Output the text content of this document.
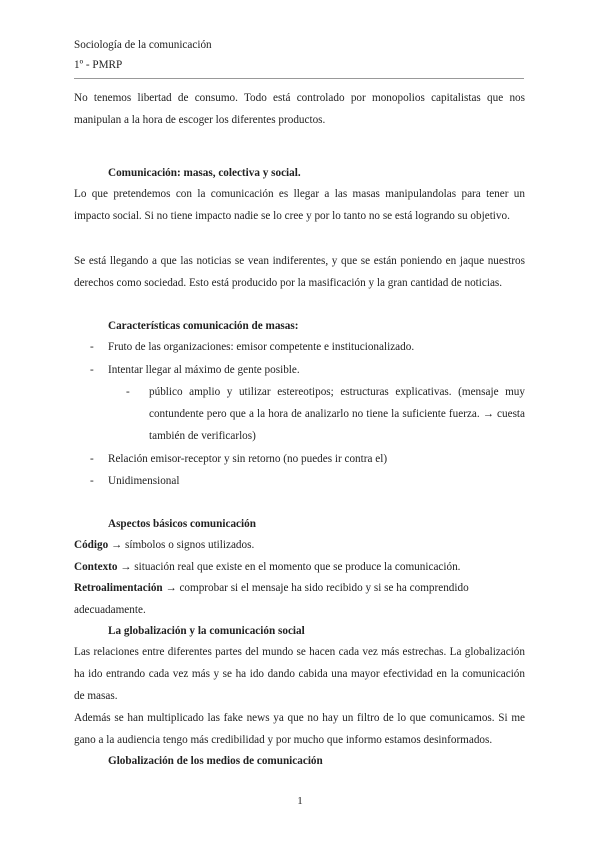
Sociología de la comunicación
1º - PMRP
No tenemos libertad de consumo. Todo está controlado por monopolios capitalistas que nos manipulan a la hora de escoger los diferentes productos.
Comunicación: masas, colectiva y social.
Lo que pretendemos con la comunicación es llegar a las masas manipulandolas para tener un impacto social. Si no tiene impacto nadie se lo cree y por lo tanto no se está logrando su objetivo.
Se está llegando a que las noticias se vean indiferentes, y que se están poniendo en jaque nuestros derechos como sociedad. Esto está producido por la masificación y la gran cantidad de noticias.
Características comunicación de masas:
- Fruto de las organizaciones: emisor competente e institucionalizado.
- Intentar llegar al máximo de gente posible.
- público amplio y utilizar estereotipos; estructuras explicativas. (mensaje muy contundente pero que a la hora de analizarlo no tiene la suficiente fuerza. → cuesta también de verificarlos)
- Relación emisor-receptor y sin retorno (no puedes ir contra el)
- Unidimensional
Aspectos básicos comunicación
Código → símbolos o signos utilizados.
Contexto → situación real que existe en el momento que se produce la comunicación.
Retroalimentación → comprobar si el mensaje ha sido recibido y si se ha comprendido adecuadamente.
La globalización y la comunicación social
Las relaciones entre diferentes partes del mundo se hacen cada vez más estrechas. La globalización ha ido entrando cada vez más y se ha ido dando cabida una mayor efectividad en la comunicación de masas.
Además se han multiplicado las fake news ya que no hay un filtro de lo que comunicamos. Si me gano a la audiencia tengo más credibilidad y por mucho que informo estamos desinformados.
Globalización de los medios de comunicación
1
